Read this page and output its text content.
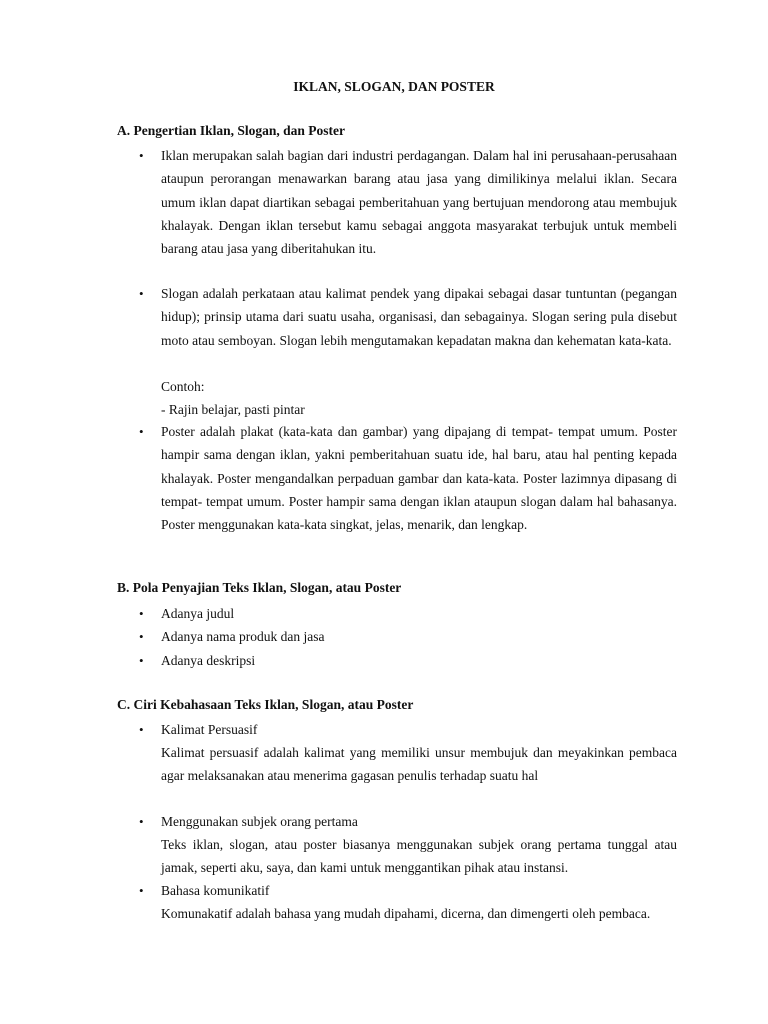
IKLAN, SLOGAN, DAN POSTER
A. Pengertian Iklan, Slogan, dan Poster
• Iklan merupakan salah bagian dari industri perdagangan. Dalam hal ini perusahaan-perusahaan ataupun perorangan menawarkan barang atau jasa yang dimilikinya melalui iklan. Secara umum iklan dapat diartikan sebagai pemberitahuan yang bertujuan mendorong atau membujuk khalayak. Dengan iklan tersebut kamu sebagai anggota masyarakat terbujuk untuk membeli barang atau jasa yang diberitahukan itu.
• Slogan adalah perkataan atau kalimat pendek yang dipakai sebagai dasar tuntuntan (pegangan hidup); prinsip utama dari suatu usaha, organisasi, dan sebagainya. Slogan sering pula disebut moto atau semboyan. Slogan lebih mengutamakan kepadatan makna dan kehematan kata-kata.
Contoh:
- Rajin belajar, pasti pintar
• Poster adalah plakat (kata-kata dan gambar) yang dipajang di tempat- tempat umum. Poster hampir sama dengan iklan, yakni pemberitahuan suatu ide, hal baru, atau hal penting kepada khalayak. Poster mengandalkan perpaduan gambar dan kata-kata. Poster lazimnya dipasang di tempat- tempat umum. Poster hampir sama dengan iklan ataupun slogan dalam hal bahasanya. Poster menggunakan kata-kata singkat, jelas, menarik, dan lengkap.
B. Pola Penyajian Teks Iklan, Slogan, atau Poster
• Adanya judul
• Adanya nama produk dan jasa
• Adanya deskripsi
C. Ciri Kebahasaan Teks Iklan, Slogan, atau Poster
• Kalimat Persuasif
Kalimat persuasif adalah kalimat yang memiliki unsur membujuk dan meyakinkan pembaca agar melaksanakan atau menerima gagasan penulis terhadap suatu hal
• Menggunakan subjek orang pertama
Teks iklan, slogan, atau poster biasanya menggunakan subjek orang pertama tunggal atau jamak, seperti aku, saya, dan kami untuk menggantikan pihak atau instansi.
• Bahasa komunikatif
Komunakatif adalah bahasa yang mudah dipahami, dicerna, dan dimengerti oleh pembaca.
